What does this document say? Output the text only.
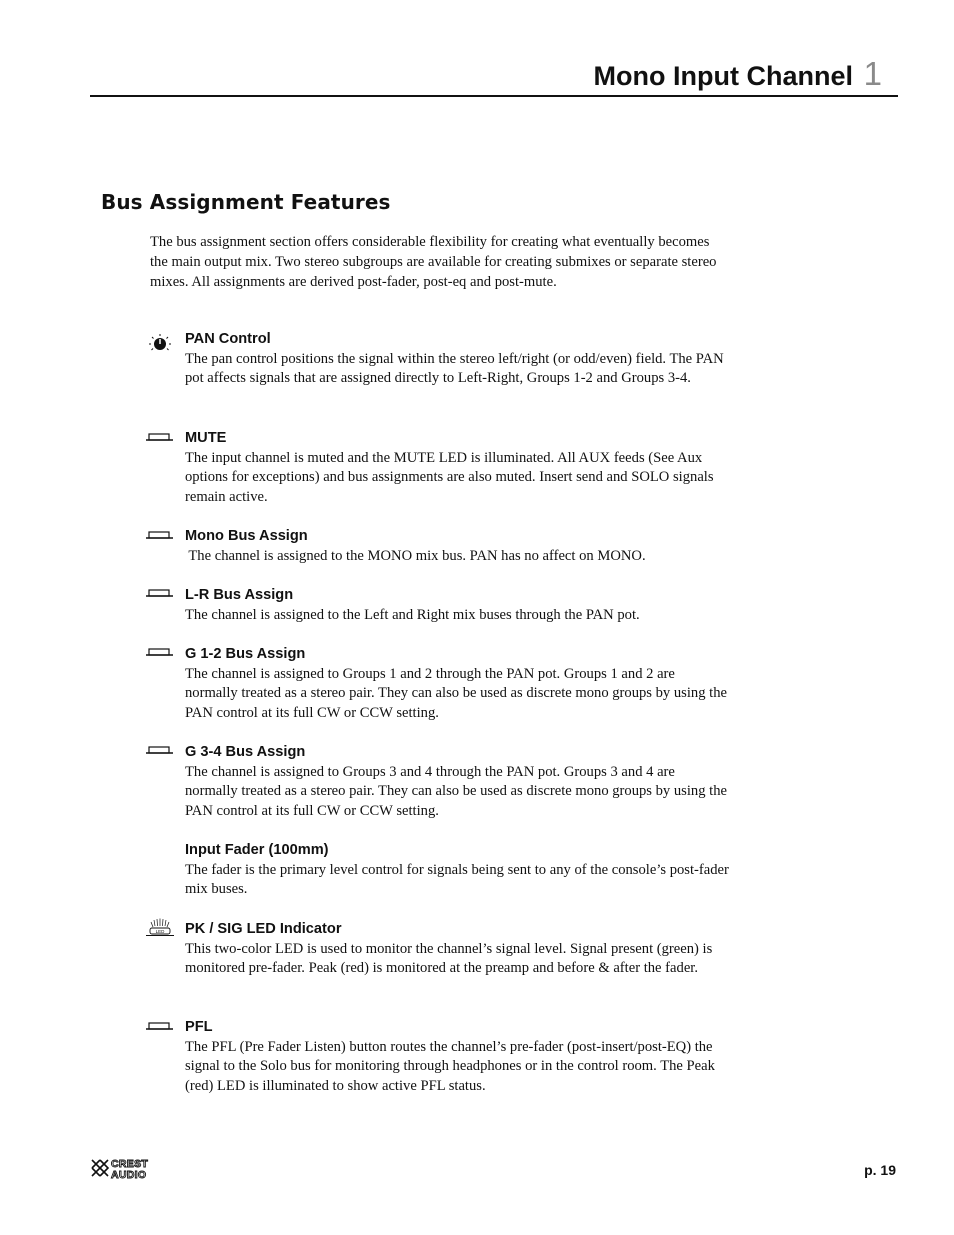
Mono Input Channel 1
Bus Assignment Features
The bus assignment section offers considerable flexibility for creating what eventually becomes the main output mix. Two stereo subgroups are available for creating submixes or separate stereo mixes. All assignments are derived post-fader, post-eq and post-mute.
PAN Control
The pan control positions the signal within the stereo left/right (or odd/even) field. The PAN pot affects signals that are assigned directly to Left-Right, Groups 1-2 and Groups 3-4.
MUTE
The input channel is muted and the MUTE LED is illuminated. All AUX feeds (See Aux options for exceptions) and bus assignments are also muted. Insert send and SOLO signals remain active.
Mono Bus Assign
The channel is assigned to the MONO mix bus. PAN has no affect on MONO.
L-R Bus Assign
The channel is assigned to the Left and Right mix buses through the PAN pot.
G 1-2 Bus Assign
The channel is assigned to Groups 1 and 2 through the PAN pot. Groups 1 and 2 are normally treated as a stereo pair. They can also be used as discrete mono groups by using the PAN control at its full CW or CCW setting.
G 3-4 Bus Assign
The channel is assigned to Groups 3 and 4 through the PAN pot. Groups 3 and 4 are normally treated as a stereo pair. They can also be used as discrete mono groups by using the PAN control at its full CW or CCW setting.
Input Fader (100mm)
The fader is the primary level control for signals being sent to any of the console’s post-fader mix buses.
LED PK / SIG LED Indicator
This two-color LED is used to monitor the channel’s signal level. Signal present (green) is monitored pre-fader. Peak (red) is monitored at the preamp and before & after the fader.
PFL
The PFL (Pre Fader Listen) button routes the channel’s pre-fader (post-insert/post-EQ) the signal to the Solo bus for monitoring through headphones or in the control room. The Peak (red) LED is illuminated to show active PFL status.
CREST
AUDIO	p. 19
